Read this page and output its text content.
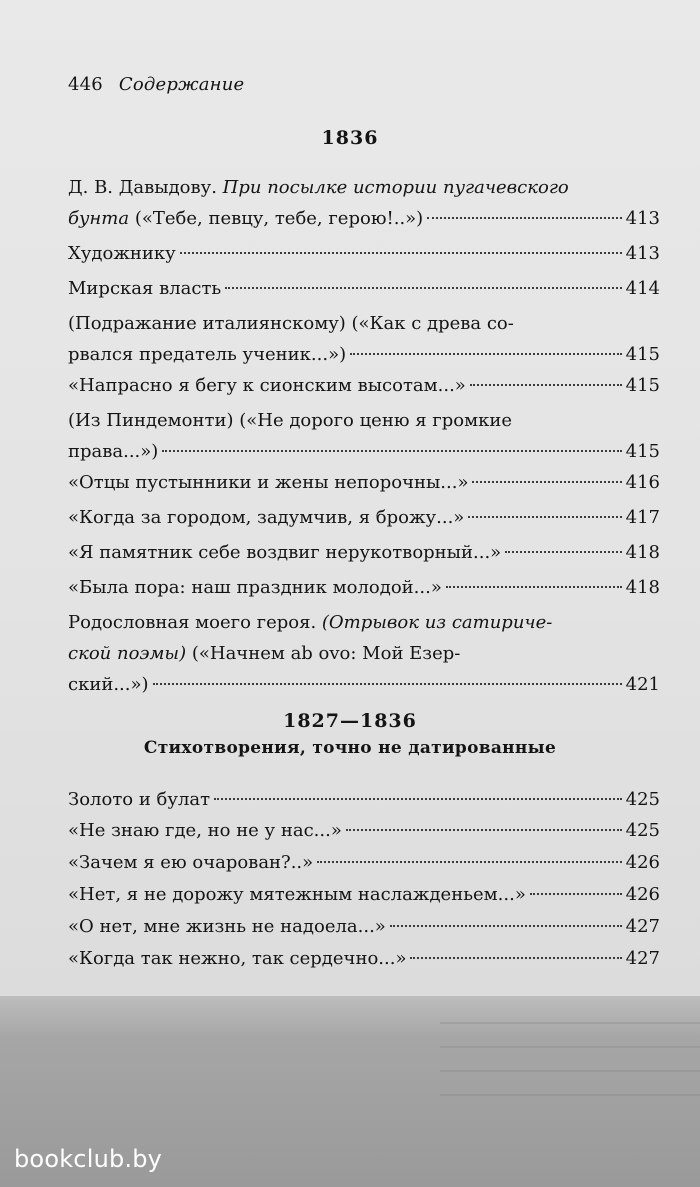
446 Содержание
1836
Д. В. Давыдову. При посылке истории пугачевского
бунта («Тебе, певцу, тебе, герою!..»)	413
Художнику	413
Мирская власть	414
(Подражание италиянскому) («Как с древа со-
рвался предатель ученик...»)	415
«Напрасно я бегу к сионским высотам...»	415
(Из Пиндемонти) («Не дорого ценю я громкие
права...»)	415
«Отцы пустынники и жены непорочны...»	416
«Когда за городом, задумчив, я брожу...»	417
«Я памятник себе воздвиг нерукотворный...»	418
«Была пора: наш праздник молодой...»	418
Родословная моего героя. (Отрывок из сатириче-
ской поэмы) («Начнем ab ovo: Мой Езер-
ский...»)	421
1827—1836
Стихотворения, точно не датированные
Золото и булат	425
«Не знаю где, но не у нас...»	425
«Зачем я ею очарован?..»	426
«Нет, я не дорожу мятежным наслажденьем...»	426
«О нет, мне жизнь не надоела...»	427
«Когда так нежно, так сердечно...»	427
bookclub.by
